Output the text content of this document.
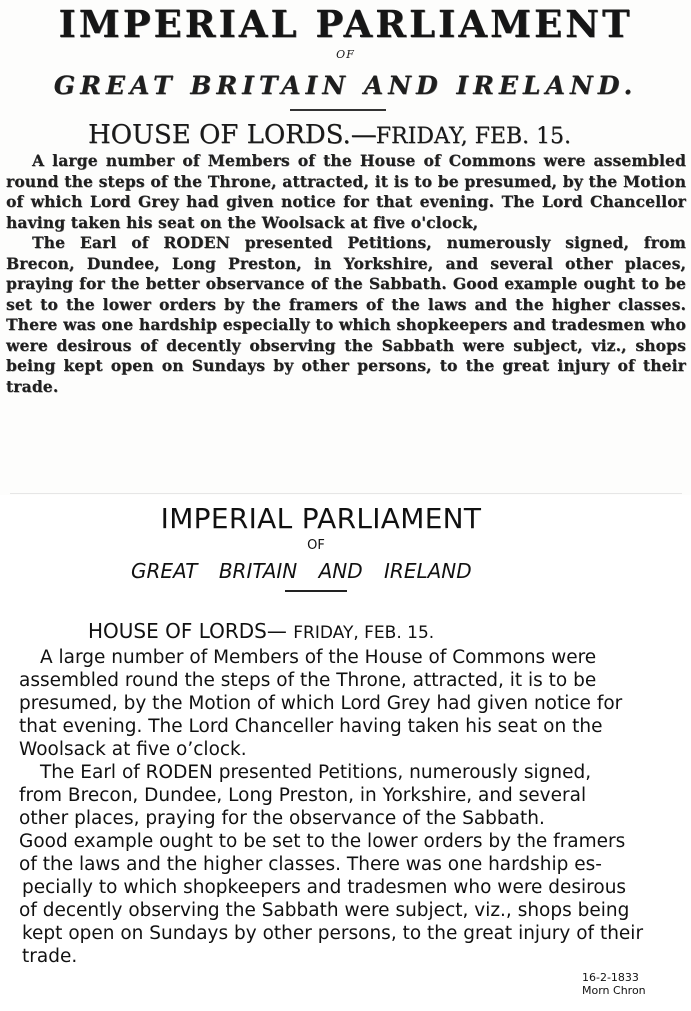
IMPERIAL PARLIAMENT
OF
GREAT BRITAIN AND IRELAND.
HOUSE OF LORDS.—FRIDAY, FEB. 15.

A large number of Members of the House of Commons were assembled round the steps of the Throne, attracted, it is to be presumed, by the Motion of which Lord Grey had given notice for that evening. The Lord Chancellor having taken his seat on the Woolsack at five o'clock,

The Earl of RODEN presented Petitions, numerously signed, from Brecon, Dundee, Long Preston, in Yorkshire, and several other places, praying for the better observance of the Sabbath. Good example ought to be set to the lower orders by the framers of the laws and the higher classes. There was one hardship especially to which shopkeepers and tradesmen who were desirous of decently observing the Sabbath were subject, viz., shops being kept open on Sundays by other persons, to the great injury of their trade.

IMPERIAL PARLIAMENT
OF
GREAT BRITAIN AND IRELAND
HOUSE OF LORDS— FRIDAY, FEB. 15.
A large number of Members of the House of Commons were
assembled round the steps of the Throne, attracted, it is to be
presumed, by the Motion of which Lord Grey had given notice for
that evening. The Lord Chanceller having taken his seat on the
Woolsack at five o’clock.
The Earl of RODEN presented Petitions, numerously signed,
from Brecon, Dundee, Long Preston, in Yorkshire, and several
other places, praying for the observance of the Sabbath.
Good example ought to be set to the lower orders by the framers
of the laws and the higher classes. There was one hardship es-
pecially to which shopkeepers and tradesmen who were desirous
of decently observing the Sabbath were subject, viz., shops being
kept open on Sundays by other persons, to the great injury of their
trade.
16-2-1833
Morn Chron
